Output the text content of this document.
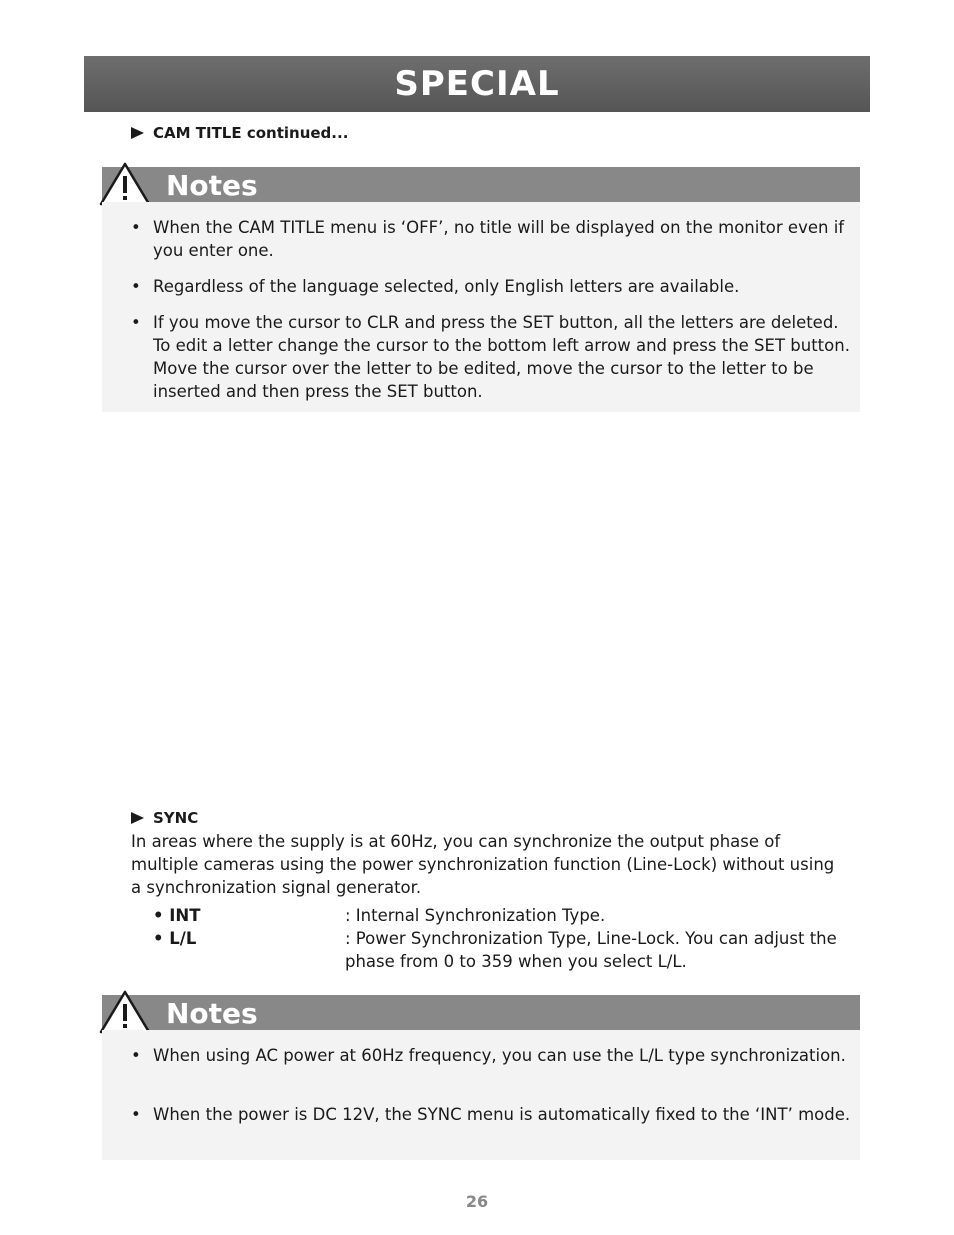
SPECIAL
CAM TITLE continued...
Notes
• When the CAM TITLE menu is ‘OFF’, no title will be displayed on the monitor even if you enter one.
• Regardless of the language selected, only English letters are available.
• If you move the cursor to CLR and press the SET button, all the letters are deleted. To edit a letter change the cursor to the bottom left arrow and press the SET button. Move the cursor over the letter to be edited, move the cursor to the letter to be inserted and then press the SET button.
SYNC
In areas where the supply is at 60Hz, you can synchronize the output phase of multiple cameras using the power synchronization function (Line-Lock) without using a synchronization signal generator.
• INT	: Internal Synchronization Type.
• L/L	: Power Synchronization Type, Line-Lock. You can adjust the phase from 0 to 359 when you select L/L.
Notes
• When using AC power at 60Hz frequency, you can use the L/L type synchronization.
• When the power is DC 12V, the SYNC menu is automatically fixed to the ‘INT’ mode.
26
